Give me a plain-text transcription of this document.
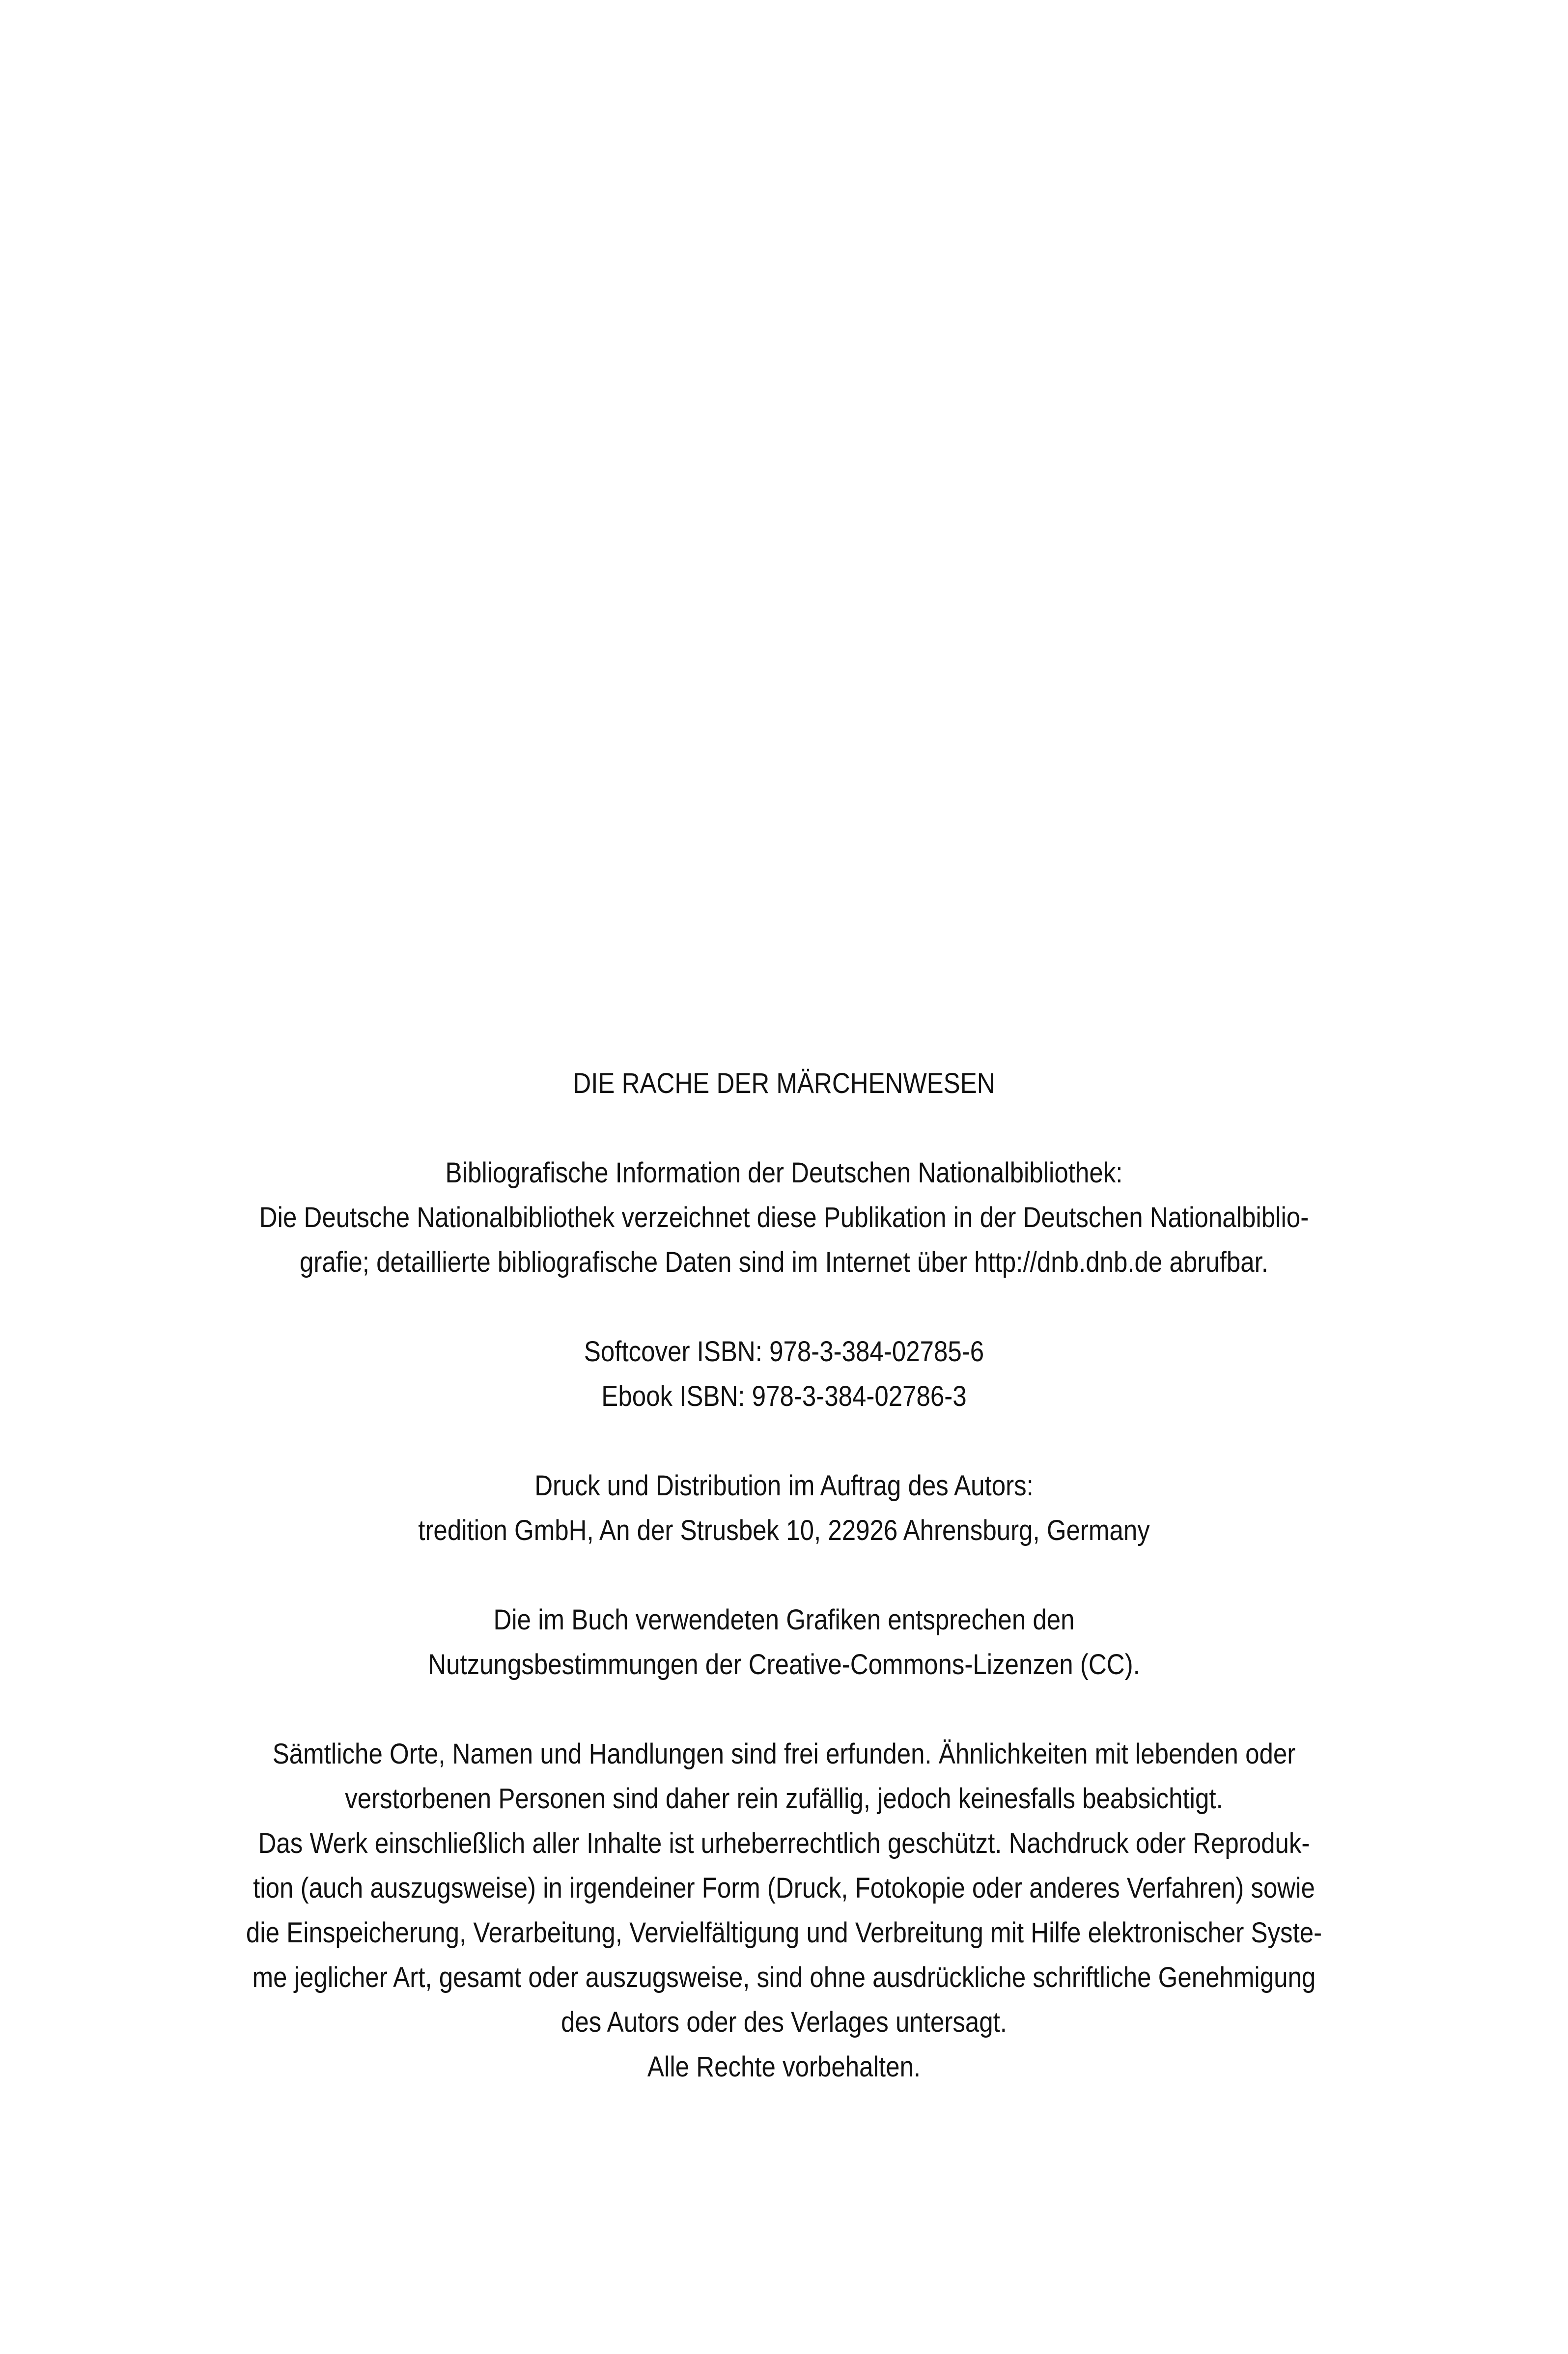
DIE RACHE DER MÄRCHENWESEN

Bibliografische Information der Deutschen Nationalbibliothek:

Die Deutsche Nationalbibliothek verzeichnet diese Publikation in der Deutschen Nationalbiblio-

grafie; detaillierte bibliografische Daten sind im Internet über http://dnb.dnb.de abrufbar.

Softcover ISBN: 978-3-384-02785-6

Ebook ISBN: 978-3-384-02786-3

Druck und Distribution im Auftrag des Autors:

tredition GmbH, An der Strusbek 10, 22926 Ahrensburg, Germany

Die im Buch verwendeten Grafiken entsprechen den

Nutzungsbestimmungen der Creative-Commons-Lizenzen (CC).

Sämtliche Orte, Namen und Handlungen sind frei erfunden. Ähnlichkeiten mit lebenden oder

verstorbenen Personen sind daher rein zufällig, jedoch keinesfalls beabsichtigt.

Das Werk einschließlich aller Inhalte ist urheberrechtlich geschützt. Nachdruck oder Reproduk-

tion (auch auszugsweise) in irgendeiner Form (Druck, Fotokopie oder anderes Verfahren) sowie

die Einspeicherung, Verarbeitung, Vervielfältigung und Verbreitung mit Hilfe elektronischer Syste-

me jeglicher Art, gesamt oder auszugsweise, sind ohne ausdrückliche schriftliche Genehmigung

des Autors oder des Verlages untersagt.

Alle Rechte vorbehalten.
